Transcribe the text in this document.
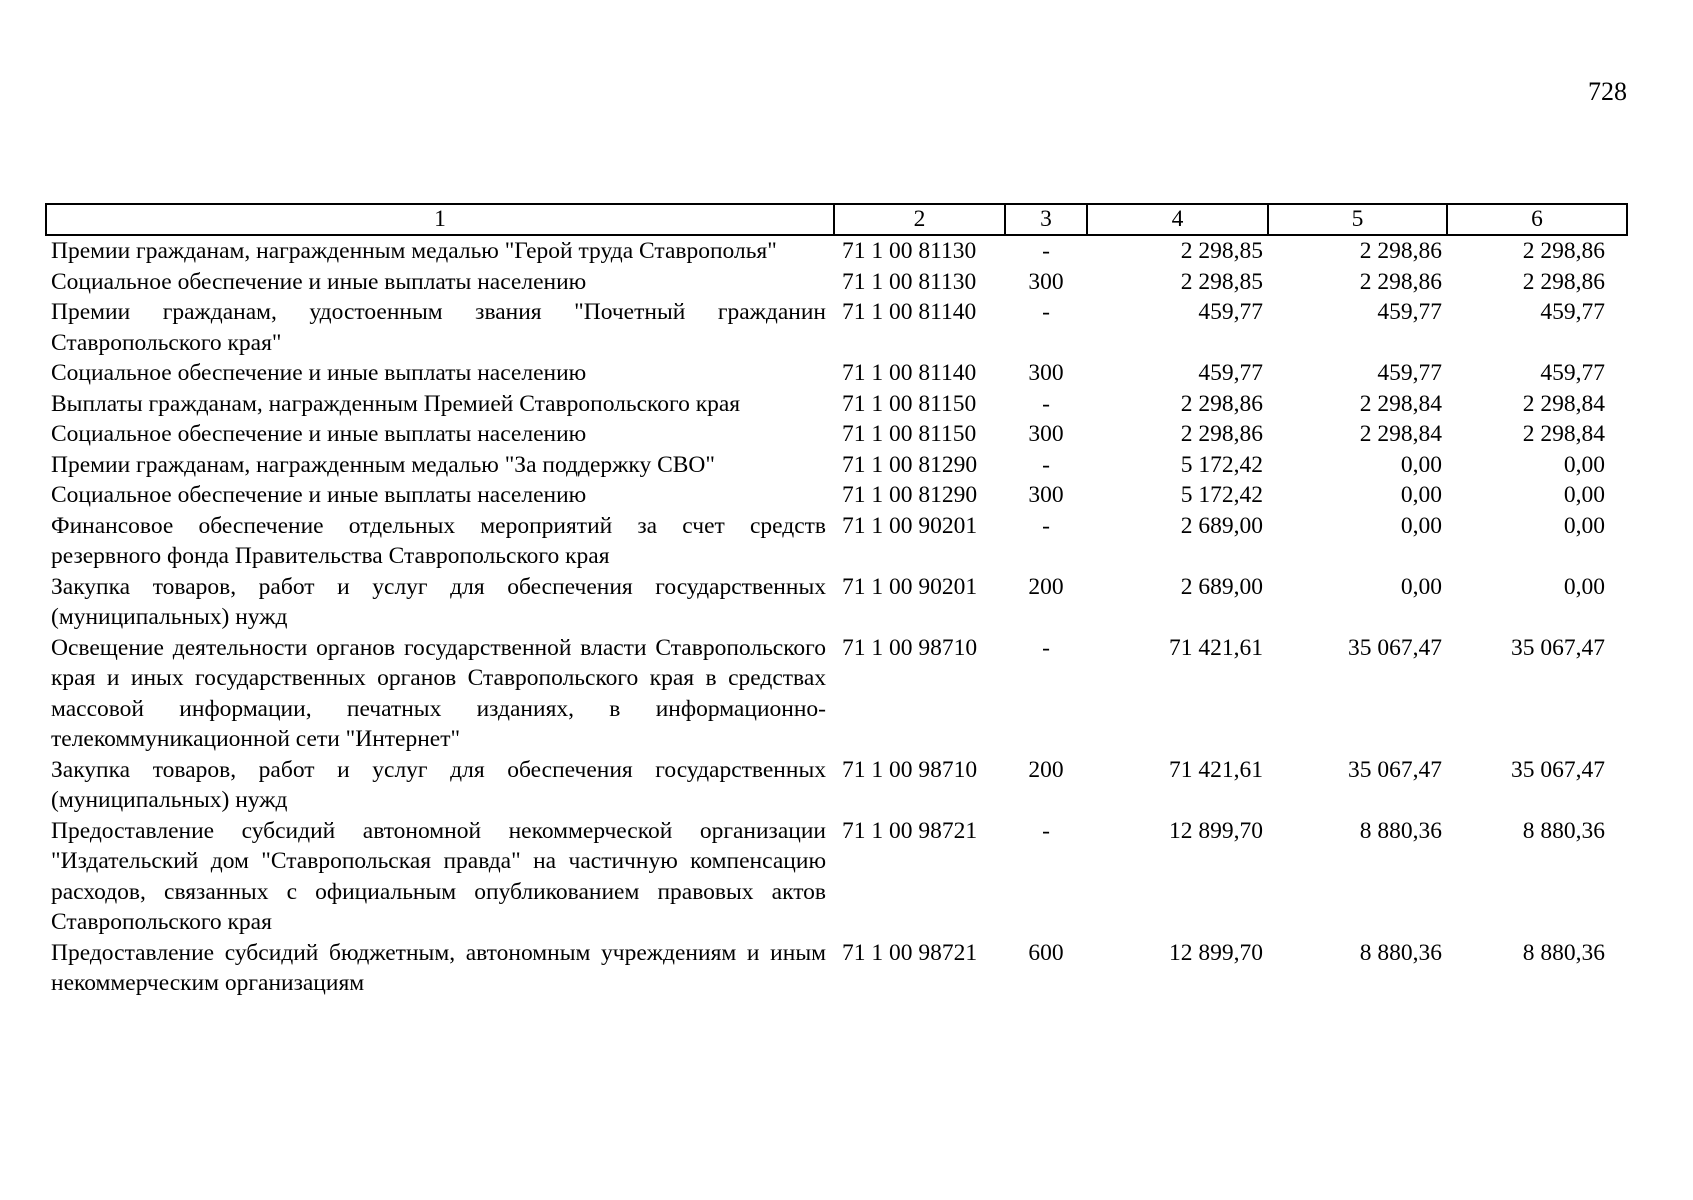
728
1	2	3	4	5	6
Премии гражданам, награжденным медалью "Герой труда Ставрополья"	71 1 00 81130	-	2 298,85	2 298,86	2 298,86
Социальное обеспечение и иные выплаты населению	71 1 00 81130	300	2 298,85	2 298,86	2 298,86
Премии гражданам, удостоенным звания "Почетный гражданин Ставропольского края"	71 1 00 81140	-	459,77	459,77	459,77
Социальное обеспечение и иные выплаты населению	71 1 00 81140	300	459,77	459,77	459,77
Выплаты гражданам, награжденным Премией Ставропольского края	71 1 00 81150	-	2 298,86	2 298,84	2 298,84
Социальное обеспечение и иные выплаты населению	71 1 00 81150	300	2 298,86	2 298,84	2 298,84
Премии гражданам, награжденным медалью "За поддержку СВО"	71 1 00 81290	-	5 172,42	0,00	0,00
Социальное обеспечение и иные выплаты населению	71 1 00 81290	300	5 172,42	0,00	0,00
Финансовое обеспечение отдельных мероприятий за счет средств резервного фонда Правительства Ставропольского края	71 1 00 90201	-	2 689,00	0,00	0,00
Закупка товаров, работ и услуг для обеспечения государственных (муниципальных) нужд	71 1 00 90201	200	2 689,00	0,00	0,00
Освещение деятельности органов государственной власти Ставропольского края и иных государственных органов Ставропольского края в средствах массовой информации, печатных изданиях, в информационно-телекоммуникационной сети "Интернет"	71 1 00 98710	-	71 421,61	35 067,47	35 067,47
Закупка товаров, работ и услуг для обеспечения государственных (муниципальных) нужд	71 1 00 98710	200	71 421,61	35 067,47	35 067,47
Предоставление субсидий автономной некоммерческой организации "Издательский дом "Ставропольская правда" на частичную компенсацию расходов, связанных с официальным опубликованием правовых актов Ставропольского края	71 1 00 98721	-	12 899,70	8 880,36	8 880,36
Предоставление субсидий бюджетным, автономным учреждениям и иным некоммерческим организациям	71 1 00 98721	600	12 899,70	8 880,36	8 880,36
